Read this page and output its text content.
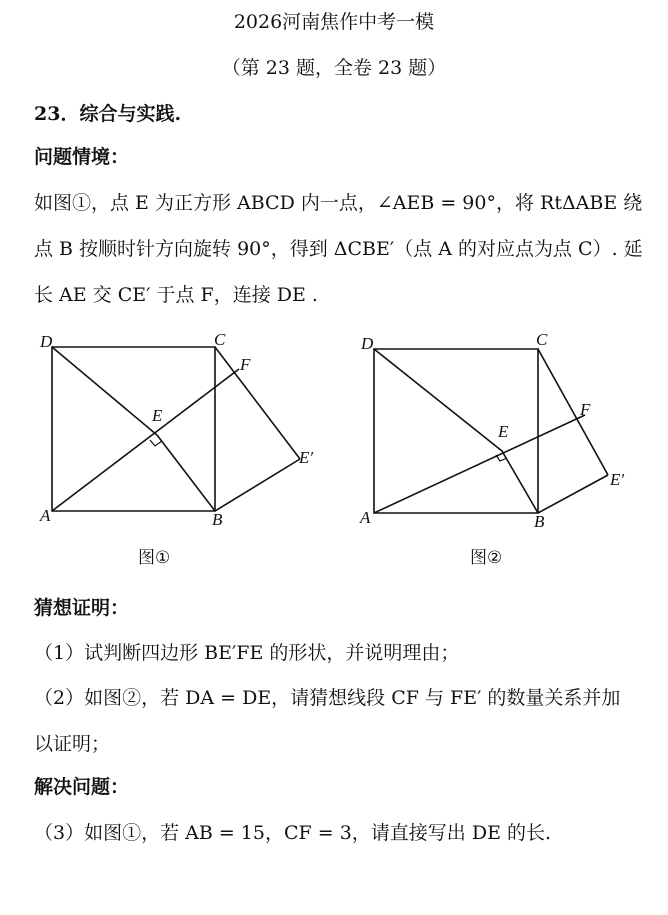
2026河南焦作中考一模
（第 23 题，全卷 23 题）
23．综合与实践.
问题情境：
如图①，点 E 为正方形 ABCD 内一点，∠AEB = 90°，将 RtΔABE 绕
点 B 按顺时针方向旋转 90°，得到 ΔCBE′（点 A 的对应点为点 C）. 延
长 AE 交 CE′ 于点 F，连接 DE .
D	C
F
E
E′
A	B
图①
D	C
F
E
E′
A	B
图②
猜想证明：
（1）试判断四边形 BE′FE 的形状，并说明理由；
（2）如图②，若 DA = DE，请猜想线段 CF 与 FE′ 的数量关系并加
以证明；
解决问题：
（3）如图①，若 AB = 15，CF = 3，请直接写出 DE 的长.
